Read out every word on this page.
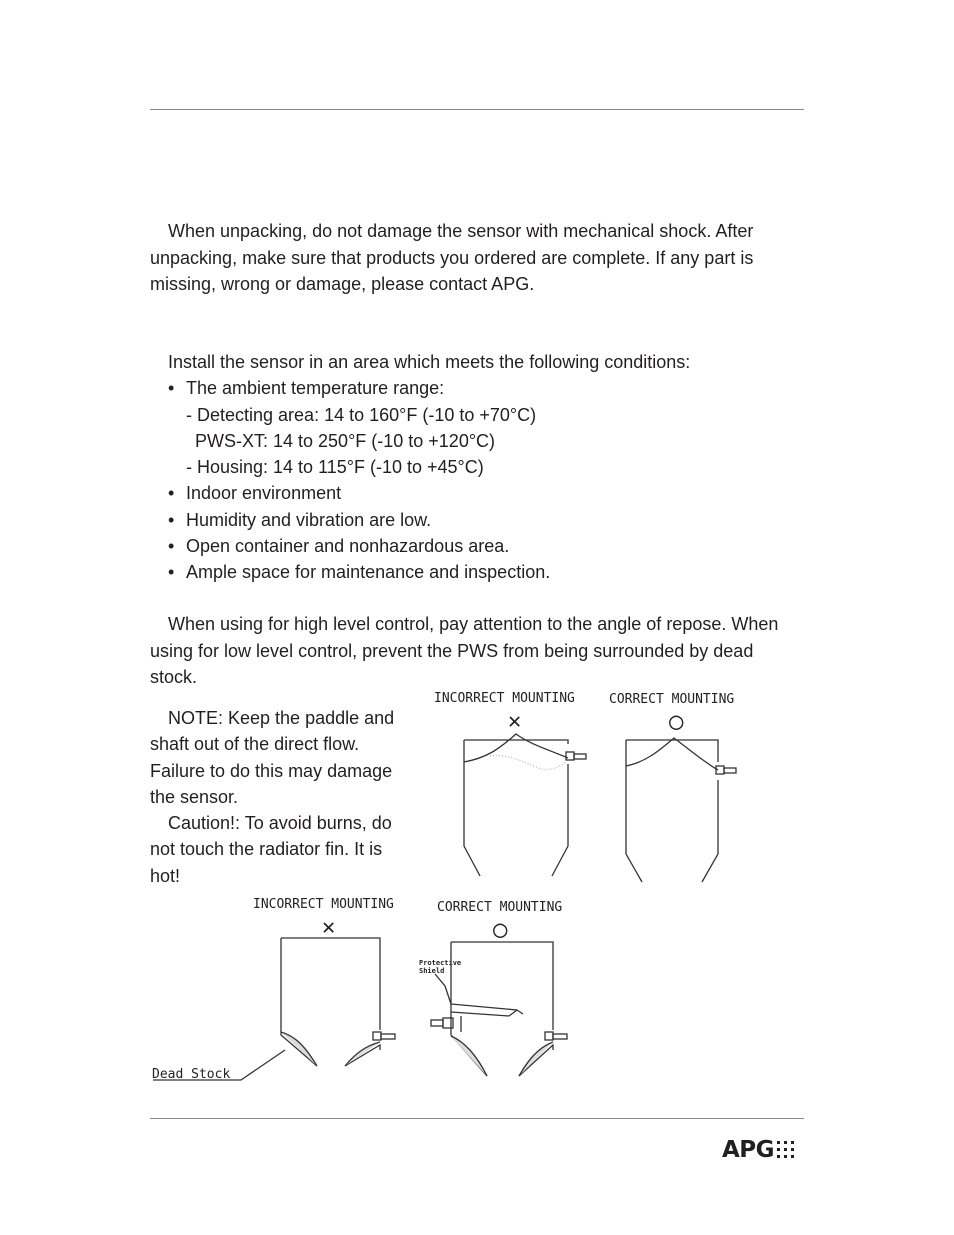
When unpacking, do not damage the sensor with mechanical shock. After unpacking, make sure that products you ordered are complete. If any part is missing, wrong or damage, please contact APG.

Install the sensor in an area which meets the following conditions:
• The ambient temperature range:
- Detecting area: 14 to 160°F (-10 to +70°C)
PWS-XT: 14 to 250°F (-10 to +120°C)
- Housing: 14 to 115°F (-10 to +45°C)
• Indoor environment
• Humidity and vibration are low.
• Open container and nonhazardous area.
• Ample space for maintenance and inspection.

When using for high level control, pay attention to the angle of repose. When using for low level control, prevent the PWS from being surrounded by dead stock.

NOTE: Keep the paddle and shaft out of the direct flow. Failure to do this may damage the sensor.

Caution!: To avoid burns, do not touch the radiator fin. It is hot!

INCORRECT MOUNTING	CORRECT MOUNTING
✕	○
INCORRECT MOUNTING	CORRECT MOUNTING
✕	○
Dead Stock
Protective
Shield
APG
